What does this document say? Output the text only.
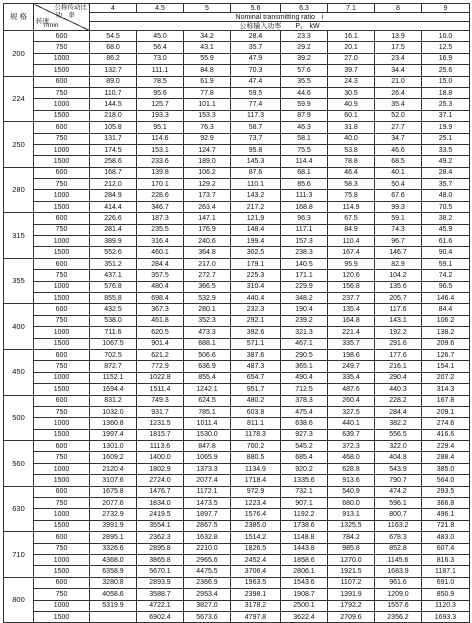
规 格	公称传动比
功　率
转速
r/min	4	4.5	5	5.6	6.3	7.1	8	9
		Nominal transmitting ratio　i							
		公称输入功率　　P₁　kW							
200	600	54.5	45.0	34.2	28.4	23.3	16.1	13.9	10.0
	750	68.0	56.4	43.1	35.7	29.2	20.1	17.5	12.5
	1000	86.2	73.0	55.9	47.9	39.2	27.0	23.4	16.9
	1500	132.7	111.1	84.8	70.3	57.6	39.7	34.4	25.6
224	600	89.0	78.5	61.9	47.4	35.5	24.3	21.0	15.0
	750	110.7	95.6	77.8	59.5	44.6	30.5	26.4	18.8
	1000	144.5	125.7	101.1	77.4	59.9	40.9	35.4	25.3
	1500	218.0	193.3	153.3	117.3	87.9	60.1	52.0	37.1
250	600	105.8	95.1	76.3	58.7	46.3	31.8	27.7	19.9
	750	131.7	114.6	92.9	73.7	58.1	40.0	34.7	25.1
	1000	174.5	153.1	124.7	95.8	75.5	53.8	46.6	33.5
	1500	258.6	233.6	189.0	145.3	114.4	78.8	68.5	49.2
280	600	168.7	139.8	106.2	87.6	68.1	46.4	40.1	28.4
	750	212.0	170.1	129.2	110.1	85.6	58.3	50.4	35.7
	1000	284.9	228.6	173.7	143.2	111.3	75.8	67.6	48.0
	1500	414.4	346.7	263.4	217.2	168.8	114.9	99.3	70.5
315	600	226.6	187.3	147.1	121.9	96.3	67.5	59.1	38.2
	750	281.4	235.5	176.9	148.4	117.1	84.9	74.3	45.9
	1000	389.9	316.4	240.6	199.4	157.3	110.4	96.7	61.6
	1500	552.6	460.1	364.8	302.5	238.3	167.4	146.7	90.4
355	600	351.2	284.4	217.0	179.1	140.5	95.9	82.9	59.1
	750	437.1	357.5	272.7	225.3	171.1	120.6	104.2	74.2
	1000	576.8	480.4	366.5	310.4	229.9	156.8	135.6	96.5
	1500	855.8	698.4	532.9	440.4	348.2	237.7	205.7	146.4
400	600	432.5	367.3	280.1	232.3	190.4	135.4	117.6	84.4
	750	538.0	461.8	352.3	292.1	239.2	164.8	143.1	106.2
	1000	711.6	620.5	473.3	392.6	321.3	221.4	192.2	138.2
	1500	1067.5	901.4	688.1	571.1	467.1	335.7	291.6	209.6
450	600	702.5	621.2	506.6	387.6	290.5	198.6	177.6	126.7
	750	872.7	772.9	636.9	487.3	365.1	249.7	216.1	154.1
	1000	1152.1	1022.8	855.4	654.7	490.4	335.4	290.4	207.2
	1500	1694.4	1511.4	1242.1	951.7	712.5	487.6	440.3	314.3
500	600	831.2	749.3	624.5	480.2	378.3	260.4	228.2	167.8
	750	1032.0	931.7	785.1	603.8	475.4	327.5	284.4	209.1
	1000	1360.8	1231.5	1011.4	811.1	638.6	440.1	382.2	274.6
	1500	1997.4	1815.7	1530.0	1178.3	927.3	639.7	556.5	416.6
560	600	1301.0	1113.6	847.8	700.2	545.2	372.3	322.0	229.4
	750	1609.2	1400.0	1065.9	880.5	685.4	468.0	404.8	288.4
	1000	2120.4	1802.9	1373.3	1134.9	920.2	628.8	543.9	385.0
	1500	3107.6	2724.0	2077.4	1718.4	1335.6	913.6	790.7	564.0
630	600	1675.8	1476.7	1172.1	972.9	732.1	540.9	474.2	293.5
	750	2077.6	1834.0	1473.5	1223.4	907.1	680.0	596.1	366.8
	1000	2732.9	2419.5	1897.7	1576.4	1192.2	913.1	800.7	496.1
	1500	3991.9	3554.1	2867.5	2385.0	1738.6	1325.5	1163.2	721.8
710	600	2895.1	2362.3	1632.8	1514.2	1148.8	784.2	678.3	483.0
	750	3326.6	2895.8	2210.0	1826.5	1443.8	985.8	852.8	607.4
	1000	4368.0	3865.8	2965.6	2452.4	1858.6	1270.0	1145.6	816.3
	1500	6358.9	5670.1	4475.5	3706.4	2806.1	1921.5	1683.9	1187.1
800	600	3280.8	2893.9	2366.9	1963.5	1543.6	1107.2	961.6	691.0
	750	4058.6	3588.7	2953.4	2398.1	1908.7	1391.9	1209.0	850.9
	1000	5319.9	4722.1	3827.0	3178.2	2500.1	1792.2	1557.6	1120.3
	1500		6902.4	5673.6	4797.8	3622.4	2709.6	2356.2	1693.3
